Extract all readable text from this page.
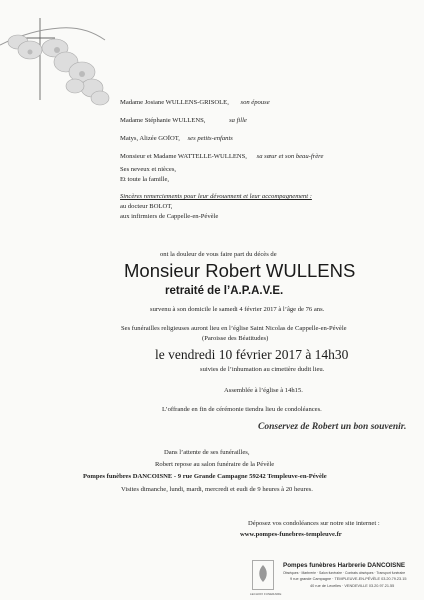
Madame Josiane WULLENS-GRISOLE, son épouse
Madame Stéphanie WULLENS,	sa fille
Matys, Alizée GOÏOT, ses petits-enfants
Monsieur et Madame WATTELLE-WULLENS, sa sœur et son beau-frère
Ses neveux et nièces,
Et toute la famille,
Sincères remerciements pour leur dévouement et leur accompagnement :
au docteur BOLOT,
aux infirmiers de Cappelle-en-Pévèle
ont la douleur de vous faire part du décès de
Monsieur Robert WULLENS
retraité de l’A.P.A.V.E.
survenu à son domicile le samedi 4 février 2017 à l’âge de 76 ans.
Ses funérailles religieuses auront lieu en l’église Saint Nicolas de Cappelle-en-Pévèle
(Paroisse des Béatitudes)
le vendredi 10 février 2017 à 14h30
suivies de l’inhumation au cimetière dudit lieu.
Assemblée à l’église à 14h15.
L’offrande en fin de cérémonie tiendra lieu de condoléances.
Conservez de Robert un bon souvenir.
Dans l’attente de ses funérailles,
Robert repose au salon funéraire de la Pévèle
Pompes funèbres DANCOISNE - 9 rue Grande Campagne 59242 Templeuve-en-Pévèle
Visites dimanche, lundi, mardi, mercredi et eudi de 9 heures à 20 heures.
Déposez vos condoléances sur notre site internet :
www.pompes-funebres-templeuve.fr
LECHOIX FUNERAIRE
Pompes funèbres Harbrerie DANCOISNE
Obsèques · Marbrerie · Salon funéraire · Contrats obsèques · Transport funéraire
9 rue grande Campagne · TEMPLEUVE-EN-PÉVÈLE 03.20.79.23.15
40 rue de Lecelles · VENDEVILLE 03.20.97.21.55
